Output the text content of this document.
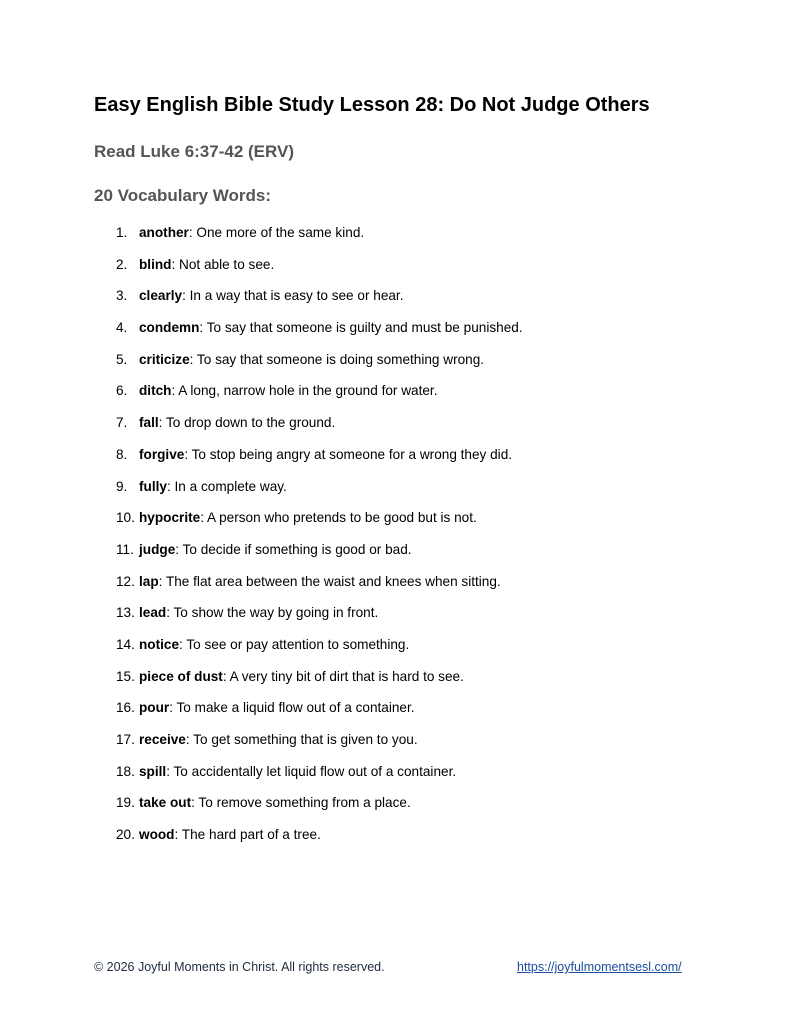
Easy English Bible Study Lesson 28: Do Not Judge Others
Read Luke 6:37-42 (ERV)
20 Vocabulary Words:
1. another : One more of the same kind.
2. blind : Not able to see.
3. clearly : In a way that is easy to see or hear.
4. condemn : To say that someone is guilty and must be punished.
5. criticize : To say that someone is doing something wrong.
6. ditch : A long, narrow hole in the ground for water.
7. fall : To drop down to the ground.
8. forgive : To stop being angry at someone for a wrong they did.
9. fully : In a complete way.
10. hypocrite : A person who pretends to be good but is not.
11. judge : To decide if something is good or bad.
12. lap : The flat area between the waist and knees when sitting.
13. lead : To show the way by going in front.
14. notice : To see or pay attention to something.
15. piece of dust : A very tiny bit of dirt that is hard to see.
16. pour : To make a liquid flow out of a container.
17. receive : To get something that is given to you.
18. spill : To accidentally let liquid flow out of a container.
19. take out : To remove something from a place.
20. wood : The hard part of a tree.
© 2026 Joyful Moments in Christ. All rights reserved.	https://joyfulmomentsesl.com/
